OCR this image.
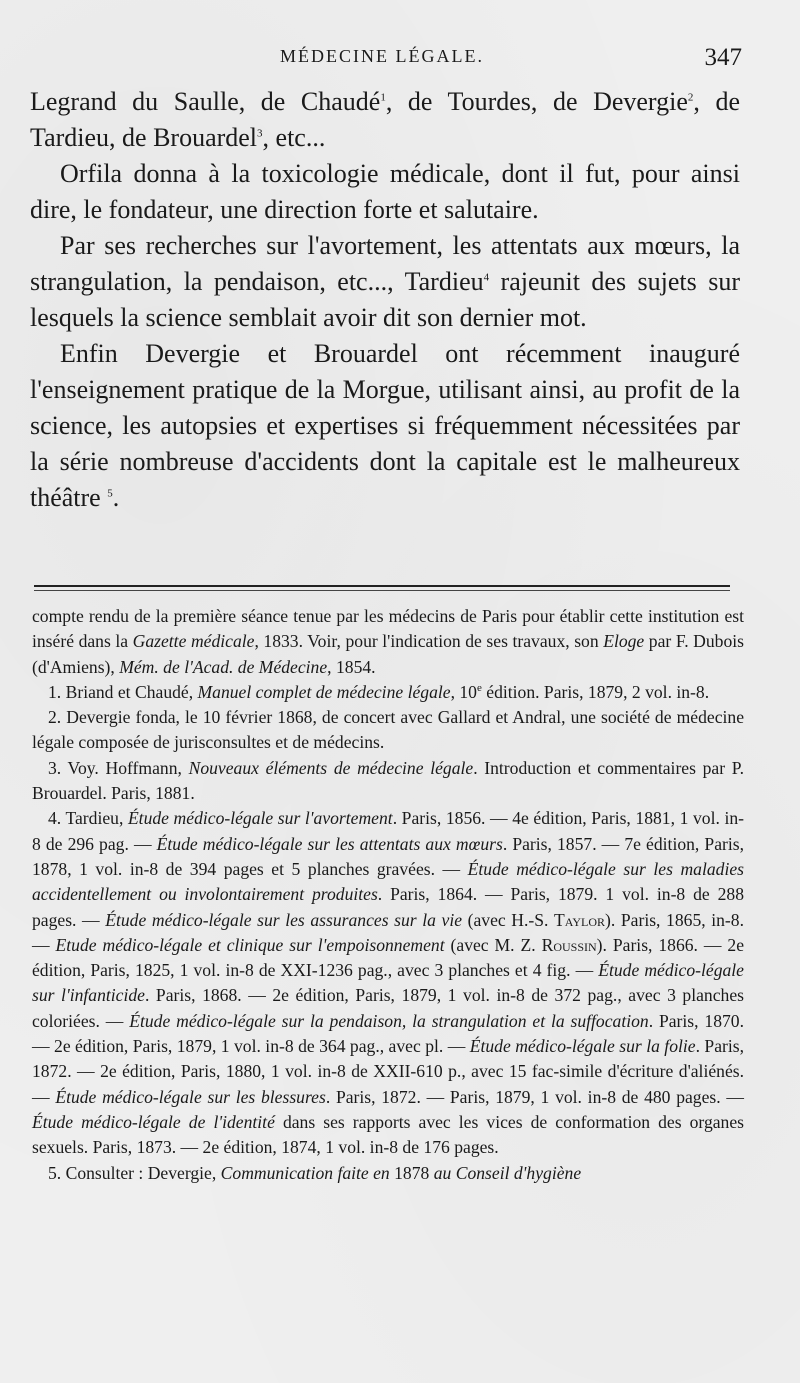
MÉDECINE LÉGALE.	347

Legrand du Saulle, de Chaudé$^1$, de Tourdes, de Devergie$^2$, de Tardieu, de Brouardel$^3$, etc...

Orfila donna à la toxicologie médicale, dont il fut, pour ainsi dire, le fondateur, une direction forte et salutaire.

Par ses recherches sur l'avortement, les attentats aux mœurs, la strangulation, la pendaison, etc..., Tardieu$^4$ rajeunit des sujets sur lesquels la science semblait avoir dit son dernier mot.

Enfin Devergie et Brouardel ont récemment inauguré l'enseignement pratique de la Morgue, utilisant ainsi, au profit de la science, les autopsies et expertises si fréquemment nécessitées par la série nombreuse d'accidents dont la capitale est le malheureux théâtre $^5$.

compte rendu de la première séance tenue par les médecins de Paris pour établir cette institution est inséré dans la Gazette médicale, 1833. Voir, pour l'indication de ses travaux, son Eloge par F. Dubois (d'Amiens), Mém. de l'Acad. de Médecine, 1854.

1. Briand et Chaudé, Manuel complet de médecine légale, 10e édition. Paris, 1879, 2 vol. in-8.

2. Devergie fonda, le 10 février 1868, de concert avec Gallard et Andral, une société de médecine légale composée de jurisconsultes et de médecins.

3. Voy. Hoffmann, Nouveaux éléments de médecine légale. Introduction et commentaires par P. Brouardel. Paris, 1881.

4. Tardieu, Étude médico-légale sur l'avortement. Paris, 1856. — 4e édition, Paris, 1881, 1 vol. in-8 de 296 pag. — Étude médico-légale sur les attentats aux mœurs. Paris, 1857. — 7e édition, Paris, 1878, 1 vol. in-8 de 394 pages et 5 planches gravées. — Étude médico-légale sur les maladies accidentellement ou involontairement produites. Paris, 1864. — Paris, 1879. 1 vol. in-8 de 288 pages. — Étude médico-légale sur les assurances sur la vie (avec H.-S. Taylor). Paris, 1865, in-8. — Etude médico-légale et clinique sur l'empoisonnement (avec M. Z. Roussin). Paris, 1866. — 2e édition, Paris, 1825, 1 vol. in-8 de XXI-1236 pag., avec 3 planches et 4 fig. — Étude médico-légale sur l'infanticide. Paris, 1868. — 2e édition, Paris, 1879, 1 vol. in-8 de 372 pag., avec 3 planches coloriées. — Étude médico-légale sur la pendaison, la strangulation et la suffocation. Paris, 1870. — 2e édition, Paris, 1879, 1 vol. in-8 de 364 pag., avec pl. — Étude médico-légale sur la folie. Paris, 1872. — 2e édition, Paris, 1880, 1 vol. in-8 de XXII-610 p., avec 15 fac-simile d'écriture d'aliénés. — Étude médico-légale sur les blessures. Paris, 1872. — Paris, 1879, 1 vol. in-8 de 480 pages. — Étude médico-légale de l'identité dans ses rapports avec les vices de conformation des organes sexuels. Paris, 1873. — 2e édition, 1874, 1 vol. in-8 de 176 pages.

5. Consulter : Devergie, Communication faite en 1878 au Conseil d'hygiène
